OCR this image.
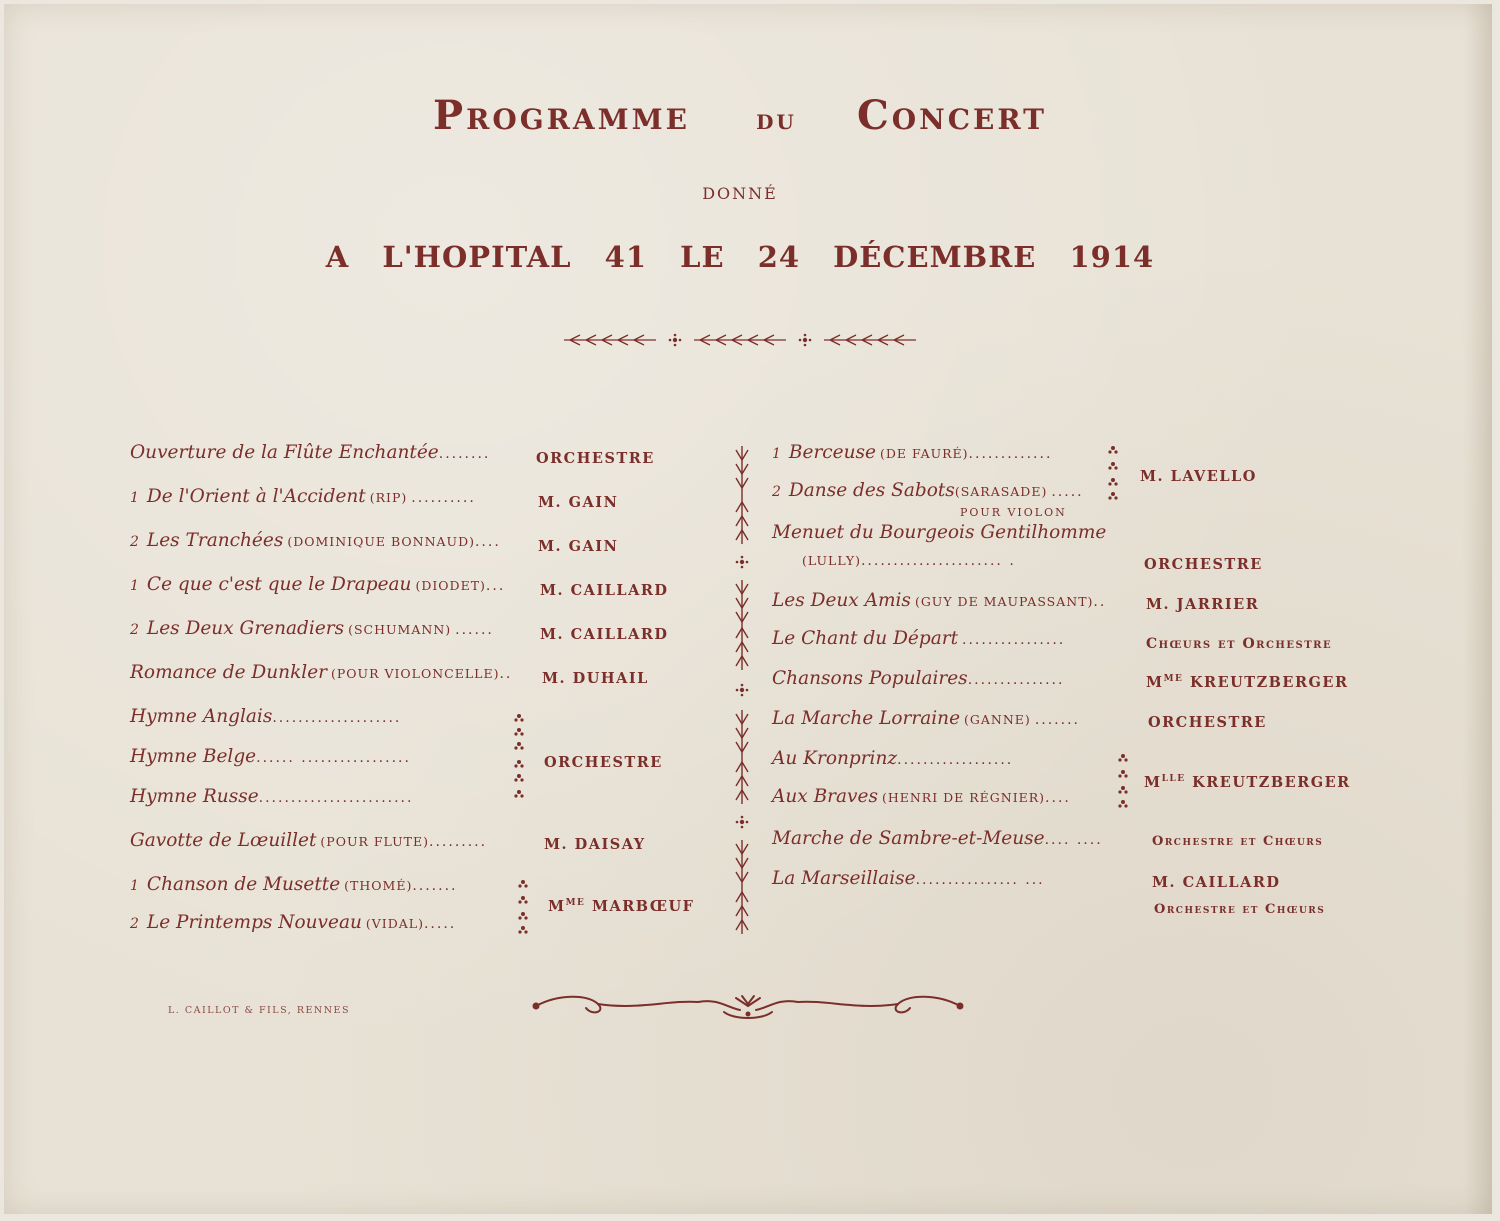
Programme du Concert
DONNÉ
A L'HOPITAL 41 LE 24 DÉCEMBRE 1914
Ouverture de la Flûte Enchantée........	ORCHESTRE
1 De l'Orient à l'Accident (RIP) ..........	M. GAIN
2 Les Tranchées (DOMINIQUE BONNAUD)....	M. GAIN
1 Ce que c'est que le Drapeau (DIODET)... M. CAILLARD
2 Les Deux Grenadiers (SCHUMANN) ......	M. CAILLARD
Romance de Dunkler (POUR VIOLONCELLE).. M. DUHAIL
Hymne Anglais....................
Hymne Belge...... .................
Hymne Russe........................
ORCHESTRE
Gavotte de Lœuillet (POUR FLUTE).........	M. DAISAY
1 Chanson de Musette (THOMÉ).......
2 Le Printemps Nouveau (VIDAL).....
$M^{ME}$ MARBŒUF
1 Berceuse (DE FAURÉ).............
2 Danse des Sabots(SARASADE) .....
POUR VIOLON
M. LAVELLO
Menuet du Bourgeois Gentilhomme
(LULLY)...................... .	ORCHESTRE
Les Deux Amis (GUY DE MAUPASSANT)..	M. JARRIER
Le Chant du Départ ................	Chœurs et Orchestre
Chansons Populaires...............	$M^{ME}$ KREUTZBERGER
La Marche Lorraine (GANNE) .......	ORCHESTRE
Au Kronprinz..................
Aux Braves (HENRI DE RÉGNIER)....
$M^{LLE}$ KREUTZBERGER
Marche de Sambre-et-Meuse.... ....	Orchestre et Chœurs
La Marseillaise................ ...	M. CAILLARD
Orchestre et Chœurs
L. CAILLOT & FILS, RENNES
